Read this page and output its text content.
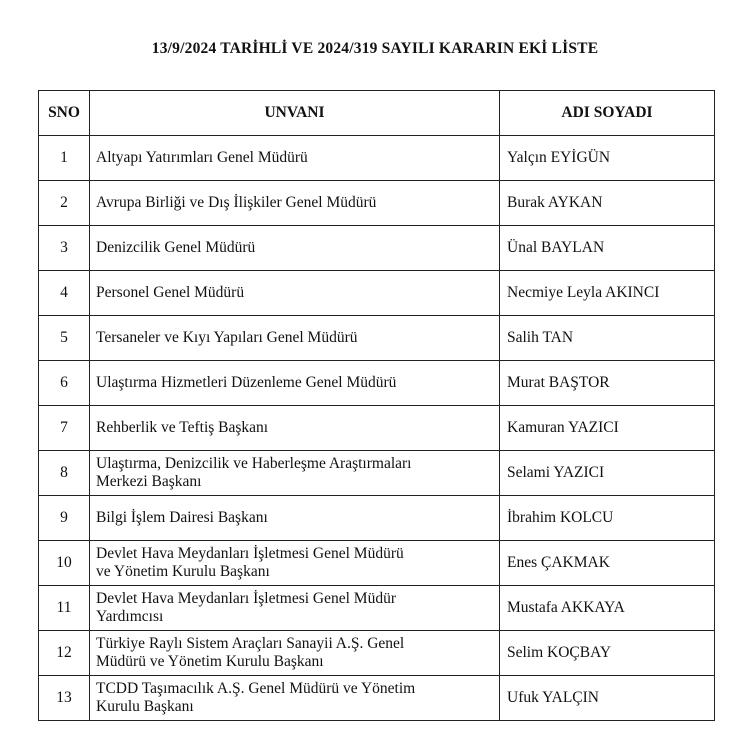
13/9/2024 TARİHLİ VE 2024/319 SAYILI KARARIN EKİ LİSTE
SNO	UNVANI	ADI SOYADI
1	Altyapı Yatırımları Genel Müdürü	Yalçın EYİGÜN
2	Avrupa Birliği ve Dış İlişkiler Genel Müdürü	Burak AYKAN
3	Denizcilik Genel Müdürü	Ünal BAYLAN
4	Personel Genel Müdürü	Necmiye Leyla AKINCI
5	Tersaneler ve Kıyı Yapıları Genel Müdürü	Salih TAN
6	Ulaştırma Hizmetleri Düzenleme Genel Müdürü	Murat BAŞTOR
7	Rehberlik ve Teftiş Başkanı	Kamuran YAZICI
8	Ulaştırma, Denizcilik ve Haberleşme Araştırmaları
Merkezi Başkanı	Selami YAZICI
9	Bilgi İşlem Dairesi Başkanı	İbrahim KOLCU
10	Devlet Hava Meydanları İşletmesi Genel Müdürü
ve Yönetim Kurulu Başkanı	Enes ÇAKMAK
11	Devlet Hava Meydanları İşletmesi Genel Müdür
Yardımcısı	Mustafa AKKAYA
12	Türkiye Raylı Sistem Araçları Sanayii A.Ş. Genel
Müdürü ve Yönetim Kurulu Başkanı	Selim KOÇBAY
13	TCDD Taşımacılık A.Ş. Genel Müdürü ve Yönetim
Kurulu Başkanı	Ufuk YALÇIN
